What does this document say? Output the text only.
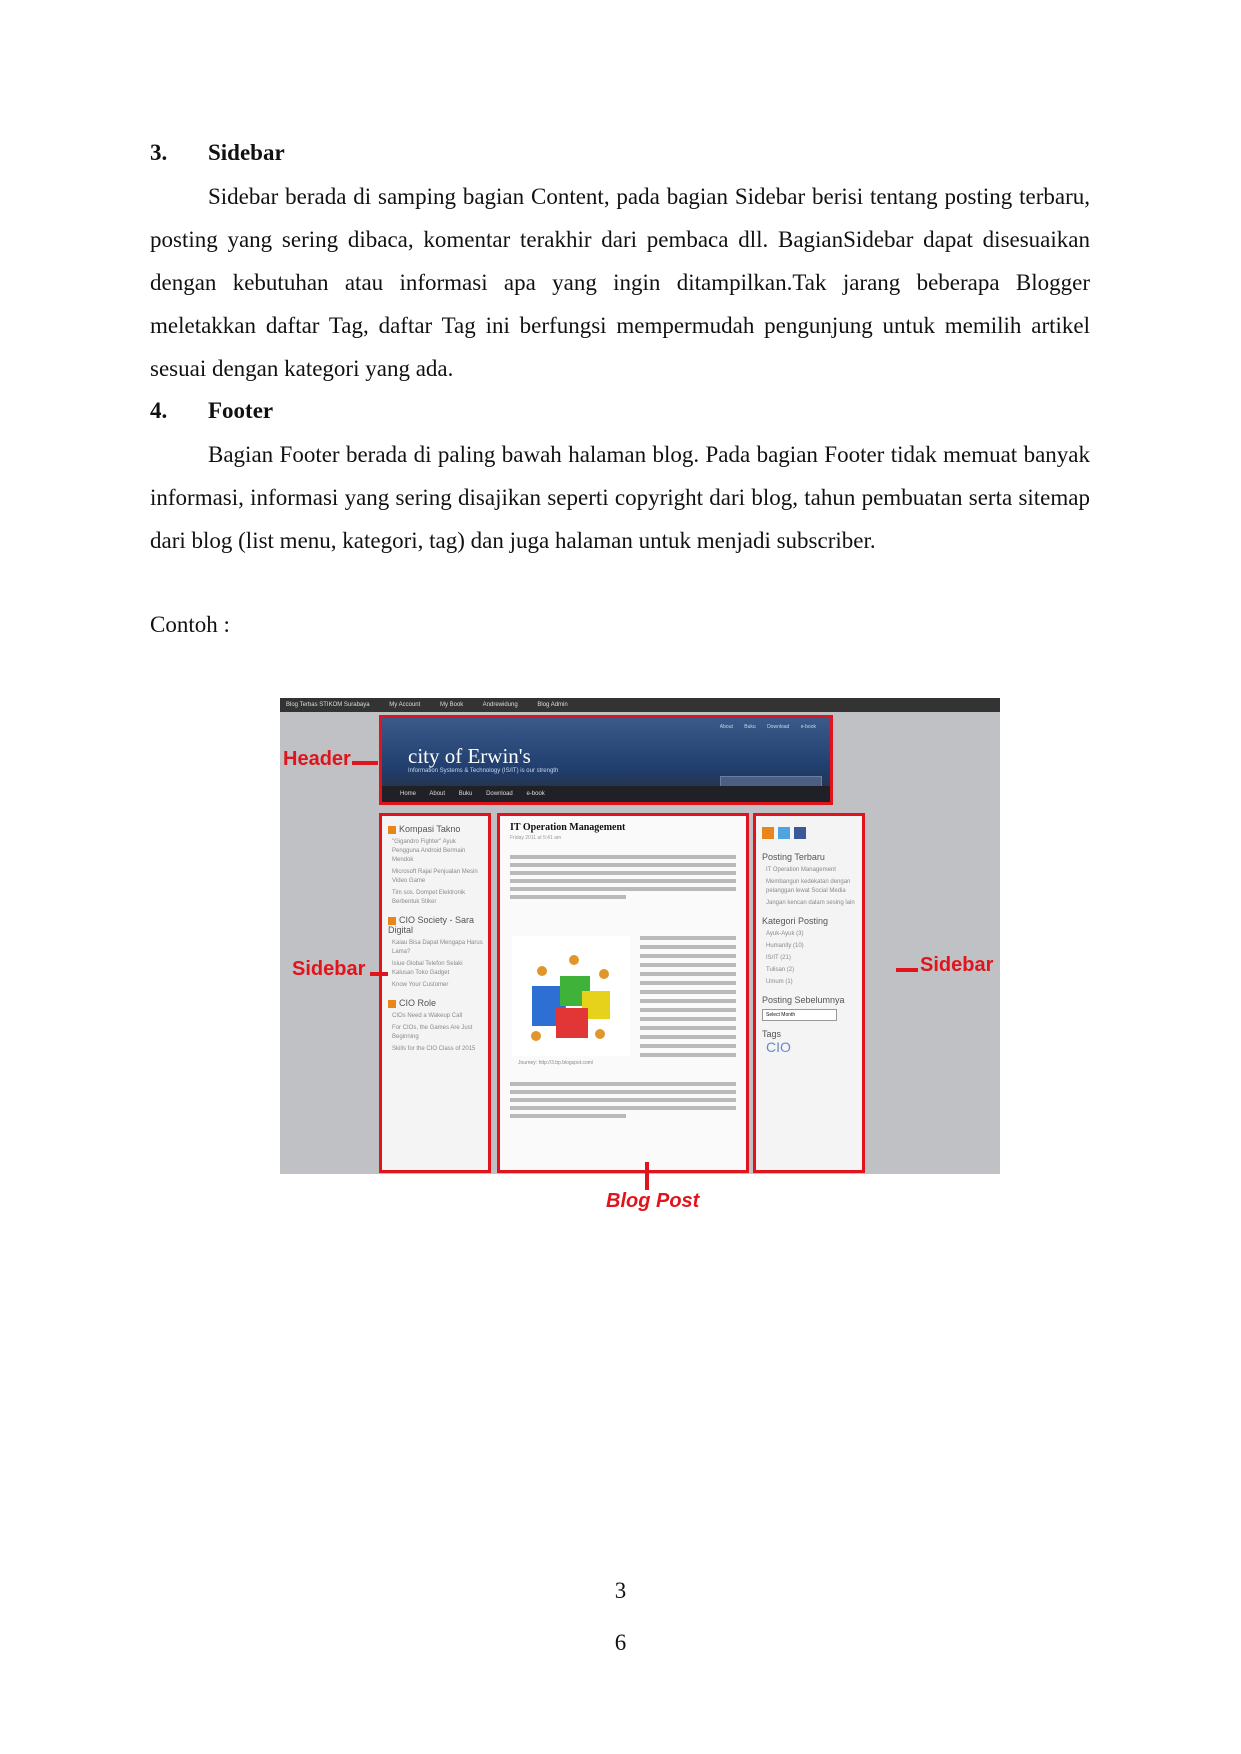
3. Sidebar

Sidebar berada di samping bagian Content, pada bagian Sidebar berisi tentang posting terbaru, posting yang sering dibaca, komentar terakhir dari pembaca dll. BagianSidebar dapat disesuaikan dengan kebutuhan atau informasi apa yang ingin ditampilkan.Tak jarang beberapa Blogger meletakkan daftar Tag, daftar Tag ini berfungsi mempermudah pengunjung untuk memilih artikel sesuai dengan kategori yang ada.

4. Footer

Bagian Footer berada di paling bawah halaman blog. Pada bagian Footer tidak memuat banyak informasi, informasi yang sering disajikan seperti copyright dari blog, tahun pembuatan serta sitemap dari blog (list menu, kategori, tag) dan juga halaman untuk menjadi subscriber.

Contoh :
Blog Terbas STIKOM Surabaya	My Account	My Book	Andrewidung	Blog Admin
About Buku Download e-book
city of Erwin's
Information Systems & Technology (IS/IT) is our strength
Home About Buku Download e-book
Kompasi Takno
"Gigandro Fighter" Ayuk Pengguna Android Bermain Mendok
Microsoft Rajai Penjualan Mesin Video Game
Tim sos. Dompet Elektronik Berbentuk Stiker
CIO Society - Sara Digital
Kaiau Bisa Dapat Mengapa Harus Lama?
Isiue Global Telefon Selaki Kalusan Toko Gadget
Know Your Customer
CIO Role
CIOs Need a Wakeup Call
For CIOs, the Games Are Just Beginning
Skills for the CIO Class of 2015
IT Operation Management
Friday 2011 at 5:41 am
Journey: http://3.bp.blogspot.com/
Posting Terbaru
IT Operation Management
Membangun kedekatan dengan pelanggan lewat Social Media
Jangan kencan dalam sesing lain
Kategori Posting
Ayuk-Ayuk (3)
Humanity (10)
IS/IT (21)
Tulisan (2)
Umum (1)
Posting Sebelumnya
Select Month
Tags
CIO
Header
Sidebar	Sidebar
Blog Post
3
6
